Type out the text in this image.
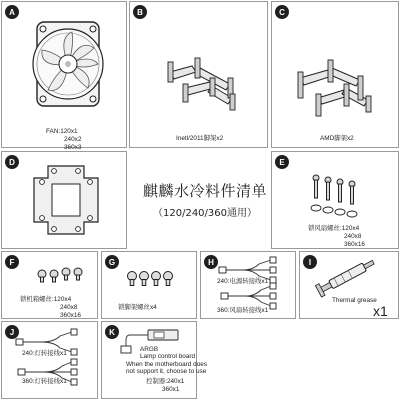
A
FAN:120x1
240x2
360x3
B
Inetl/2011脚架x2
C
AMD脚架x2
D
麒麟水冷料件清单
（120/240/360通用）
E
锁风扇螺丝:120x4
240x8
360x16
F
锁机箱螺丝:120x4
240x8
360x16
G
锁脚架螺丝x4
H
240:电源转接线x1
360:风扇转接线x1
I
Thermal grease
x1
J
240:灯转接线x1
360:灯转接线x1
K
ARGB
Lamp control board
When the motherboard does
not support it, choose to use
控制器:240x1
360x1
